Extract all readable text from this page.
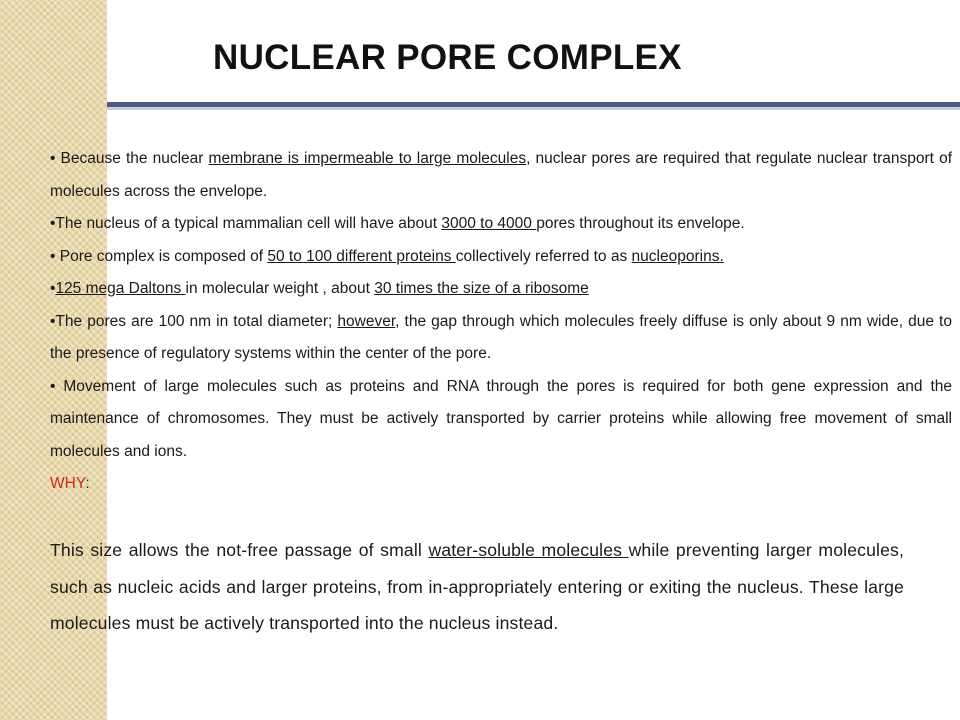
NUCLEAR PORE COMPLEX

• Because the nuclear membrane is impermeable to large molecules, nuclear pores are required that regulate nuclear transport of molecules across the envelope.

•The nucleus of a typical mammalian cell will have about 3000 to 4000 pores throughout its envelope.

• Pore complex is composed of 50 to 100 different proteins collectively referred to as nucleoporins.

•125 mega Daltons in molecular weight , about 30 times the size of a ribosome

•The pores are 100 nm in total diameter; however, the gap through which molecules freely diffuse is only about 9 nm wide, due to the presence of regulatory systems within the center of the pore.

• Movement of large molecules such as proteins and RNA through the pores is required for both gene expression and the maintenance of chromosomes. They must be actively transported by carrier proteins while allowing free movement of small molecules and ions.

WHY:

This size allows the not-free passage of small water-soluble molecules while preventing larger molecules, such as nucleic acids and larger proteins, from in-appropriately entering or exiting the nucleus. These large molecules must be actively transported into the nucleus instead.
